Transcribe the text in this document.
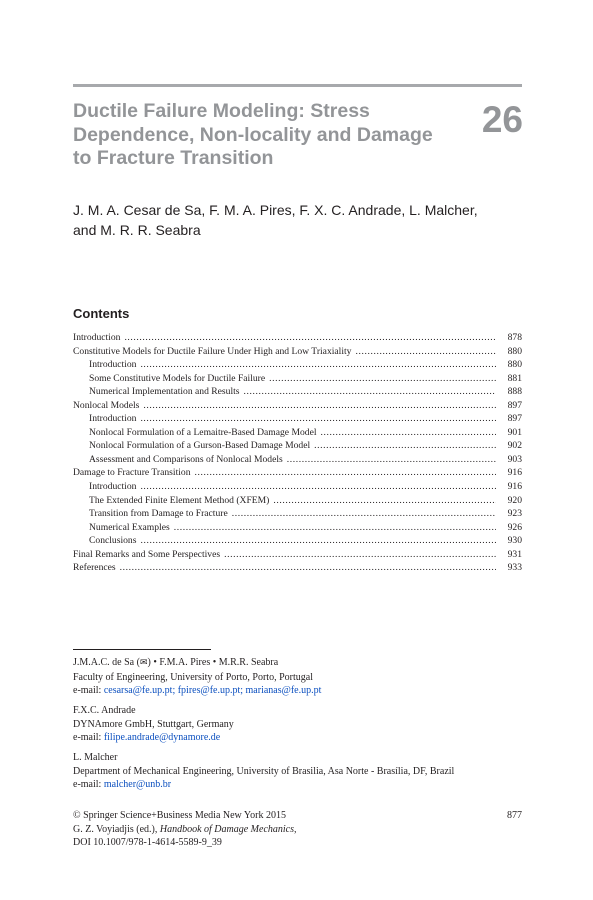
Ductile Failure Modeling: Stress
Dependence, Non-locality and Damage
to Fracture Transition
26
J. M. A. Cesar de Sa, F. M. A. Pires, F. X. C. Andrade, L. Malcher,
and M. R. R. Seabra
Contents
Introduction .....	878
Constitutive Models for Ductile Failure Under High and Low Triaxiality .....	880
Introduction .....	880
Some Constitutive Models for Ductile Failure .....	881
Numerical Implementation and Results .....	888
Nonlocal Models .....	897
Introduction .....	897
Nonlocal Formulation of a Lemaitre-Based Damage Model .....	901
Nonlocal Formulation of a Gurson-Based Damage Model .....	902
Assessment and Comparisons of Nonlocal Models .....	903
Damage to Fracture Transition .....	916
Introduction .....	916
The Extended Finite Element Method (XFEM) .....	920
Transition from Damage to Fracture .....	923
Numerical Examples .....	926
Conclusions .....	930
Final Remarks and Some Perspectives .....	931
References .....	933
J.M.A.C. de Sa (✉) • F.M.A. Pires • M.R.R. Seabra
Faculty of Engineering, University of Porto, Porto, Portugal
e-mail: cesarsa@fe.up.pt; fpires@fe.up.pt; marianas@fe.up.pt
F.X.C. Andrade
DYNAmore GmbH, Stuttgart, Germany
e-mail: filipe.andrade@dynamore.de
L. Malcher
Department of Mechanical Engineering, University of Brasilia, Asa Norte - Brasília, DF, Brazil
e-mail: malcher@unb.br
© Springer Science+Business Media New York 2015
G. Z. Voyiadjis (ed.), Handbook of Damage Mechanics,
DOI 10.1007/978-1-4614-5589-9_39
877
